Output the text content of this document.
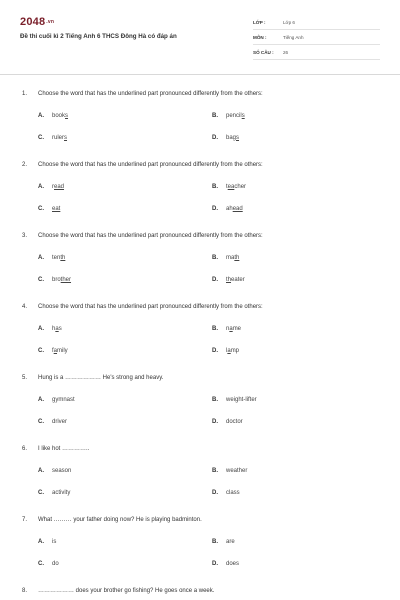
2048.vn
Đề thi cuối kì 2 Tiếng Anh 6 THCS Đông Hà có đáp án
LỚP :	Lớp 6
MÔN :	Tiếng Anh
SỐ CÂU :	26
1.	Choose the word that has the underlined part pronounced differently from the others:
A.	books	B.	pencils
C.	rulers	D.	bags
2.	Choose the word that has the underlined part pronounced differently from the others:
A.	read	B.	teacher
C.	eat	D.	ahead
3.	Choose the word that has the underlined part pronounced differently from the others:
A.	tenth	B.	math
C.	brother	D.	theater
4.	Choose the word that has the underlined part pronounced differently from the others:
A.	has	B.	name
C.	family	D.	lamp
5.	Hung is a ……………… He's strong and heavy.
A.	gymnast	B.	weight-lifter
C.	driver	D.	doctor
6.	I like hot …………..
A.	season	B.	weather
C.	activity	D.	class
7.	What ……… your father doing now? He is playing badminton.
A.	is	B.	are
C.	do	D.	does
8.	……………… does your brother go fishing? He goes once a week.
